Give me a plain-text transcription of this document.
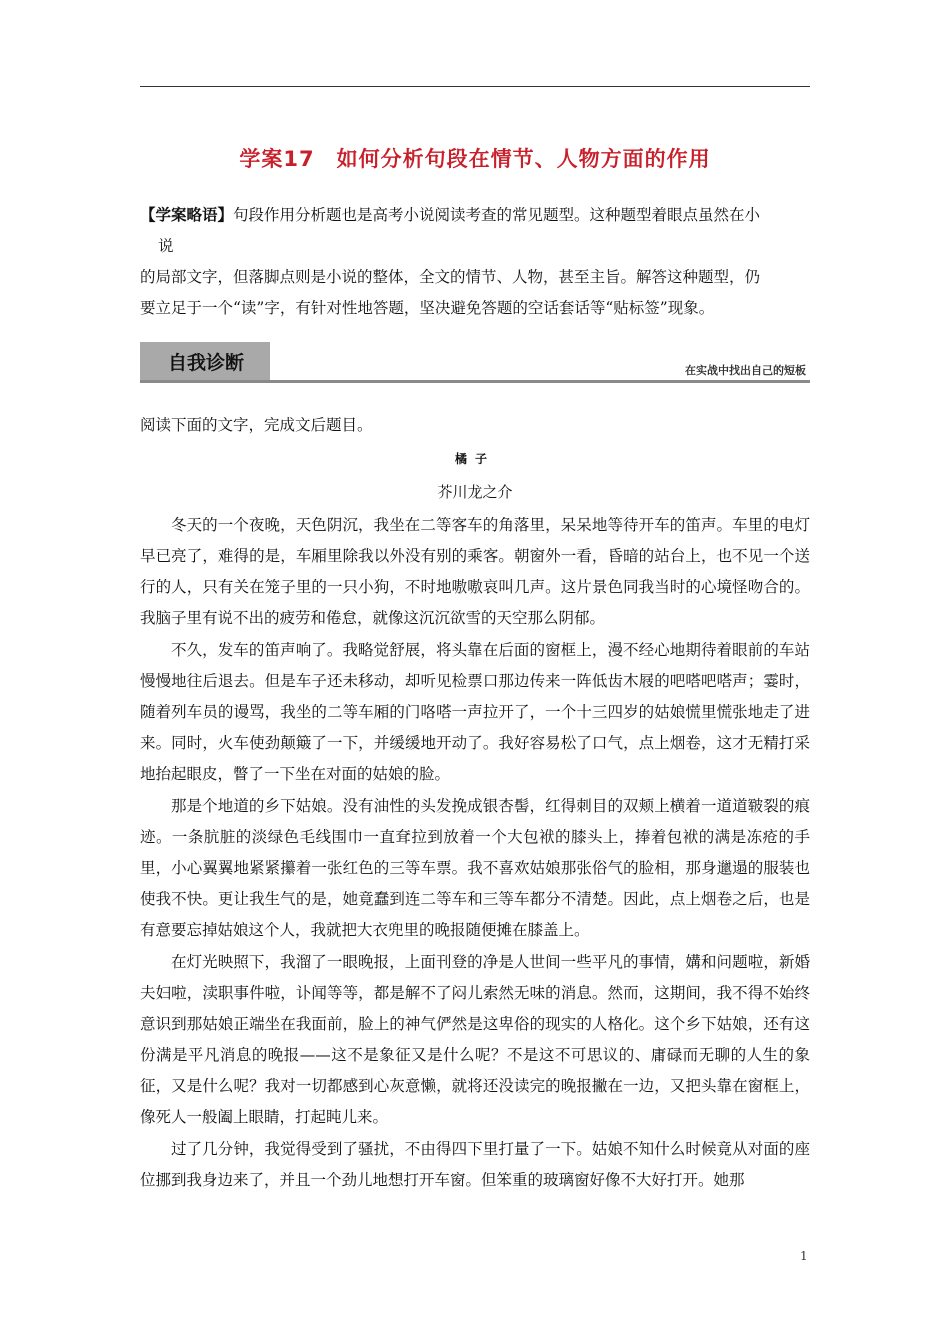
学案17　如何分析句段在情节、人物方面的作用
【学案略语】句段作用分析题也是高考小说阅读考查的常见题型。这种题型着眼点虽然在小
说
的局部文字，但落脚点则是小说的整体，全文的情节、人物，甚至主旨。解答这种题型，仍
要立足于一个“读”字，有针对性地答题，坚决避免答题的空话套话等“贴标签”现象。
自我诊断	在实战中找出自己的短板
阅读下面的文字，完成文后题目。
橘子
芥川龙之介

冬天的一个夜晚，天色阴沉，我坐在二等客车的角落里，呆呆地等待开车的笛声。车里的电灯早已亮了，难得的是，车厢里除我以外没有别的乘客。朝窗外一看，昏暗的站台上，也不见一个送行的人，只有关在笼子里的一只小狗，不时地嗷嗷哀叫几声。这片景色同我当时的心境怪吻合的。我脑子里有说不出的疲劳和倦怠，就像这沉沉欲雪的天空那么阴郁。

不久，发车的笛声响了。我略觉舒展，将头靠在后面的窗框上，漫不经心地期待着眼前的车站慢慢地往后退去。但是车子还未移动，却听见检票口那边传来一阵低齿木屐的吧嗒吧嗒声；霎时，随着列车员的谩骂，我坐的二等车厢的门咯嗒一声拉开了，一个十三四岁的姑娘慌里慌张地走了进来。同时，火车使劲颠簸了一下，并缓缓地开动了。我好容易松了口气，点上烟卷，这才无精打采地抬起眼皮，瞥了一下坐在对面的姑娘的脸。

那是个地道的乡下姑娘。没有油性的头发挽成银杏髻，红得刺目的双颊上横着一道道皲裂的痕迹。一条肮脏的淡绿色毛线围巾一直耷拉到放着一个大包袱的膝头上，捧着包袱的满是冻疮的手里，小心翼翼地紧紧攥着一张红色的三等车票。我不喜欢姑娘那张俗气的脸相，那身邋遢的服装也使我不快。更让我生气的是，她竟蠢到连二等车和三等车都分不清楚。因此，点上烟卷之后，也是有意要忘掉姑娘这个人，我就把大衣兜里的晚报随便摊在膝盖上。

在灯光映照下，我溜了一眼晚报，上面刊登的净是人世间一些平凡的事情，媾和问题啦，新婚夫妇啦，渎职事件啦，讣闻等等，都是解不了闷儿索然无味的消息。然而，这期间，我不得不始终意识到那姑娘正端坐在我面前，脸上的神气俨然是这卑俗的现实的人格化。这个乡下姑娘，还有这份满是平凡消息的晚报——这不是象征又是什么呢？不是这不可思议的、庸碌而无聊的人生的象征，又是什么呢？我对一切都感到心灰意懒，就将还没读完的晚报撇在一边，又把头靠在窗框上，像死人一般阖上眼睛，打起盹儿来。

过了几分钟，我觉得受到了骚扰，不由得四下里打量了一下。姑娘不知什么时候竟从对面的座位挪到我身边来了，并且一个劲儿地想打开车窗。但笨重的玻璃窗好像不大好打开。她那

1
